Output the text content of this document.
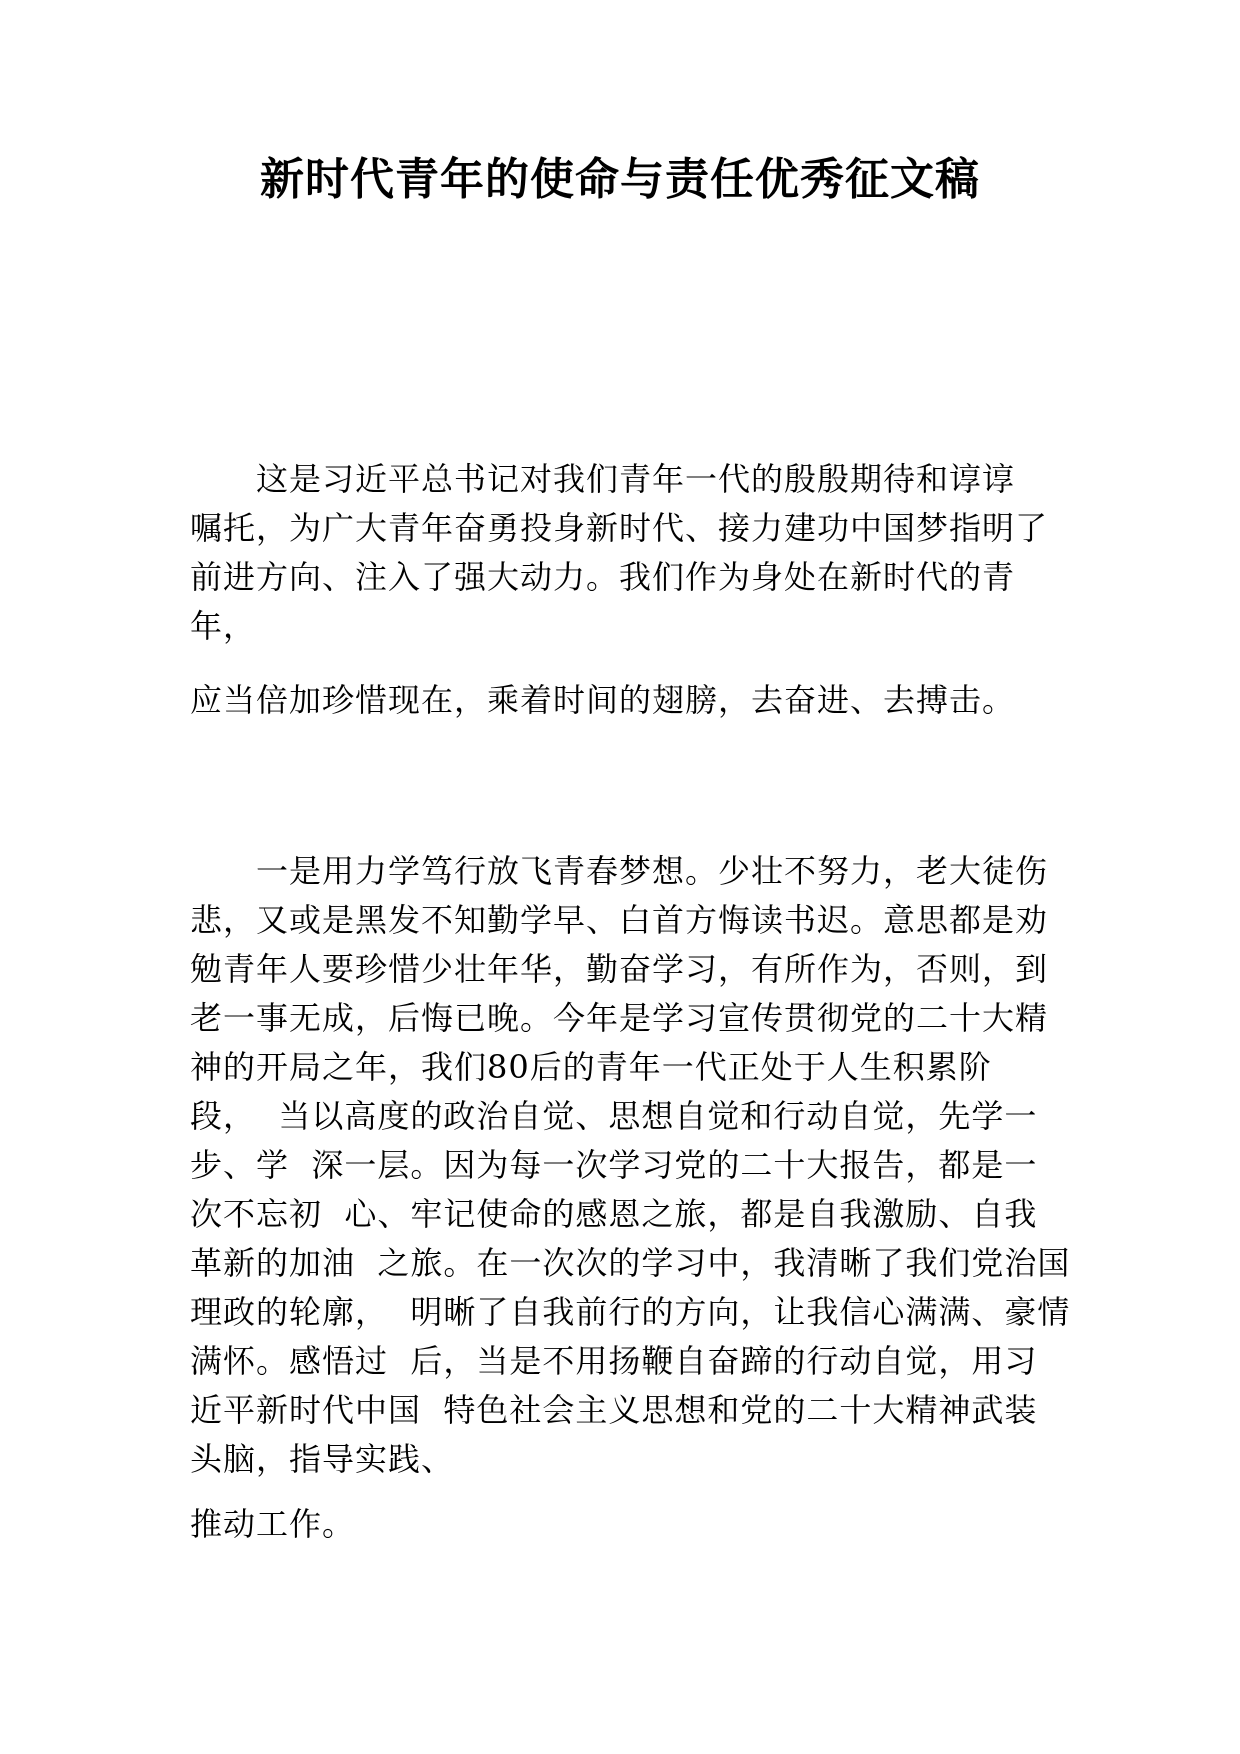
新时代青年的使命与责任优秀征文稿
这是习近平总书记对我们青年一代的殷殷期待和谆谆
嘱托，为广大青年奋勇投身新时代、接力建功中国梦指明了
前进方向、注入了强大动力。我们作为身处在新时代的青
年，
应当倍加珍惜现在，乘着时间的翅膀，去奋进、去搏击。
一是用力学笃行放飞青春梦想。少壮不努力，老大徒伤
悲，又或是黑发不知勤学早、白首方悔读书迟。意思都是劝
勉青年人要珍惜少壮年华，勤奋学习，有所作为，否则，到
老一事无成，后悔已晚。今年是学习宣传贯彻党的二十大精
神的开局之年，我们80后的青年一代正处于人生积累阶
段，  当以高度的政治自觉、思想自觉和行动自觉，先学一
步、学  深一层。因为每一次学习党的二十大报告，都是一
次不忘初  心、牢记使命的感恩之旅，都是自我激励、自我
革新的加油  之旅。在一次次的学习中，我清晰了我们党治国
理政的轮廓，  明晰了自我前行的方向，让我信心满满、豪情
满怀。感悟过  后，当是不用扬鞭自奋蹄的行动自觉，用习
近平新时代中国  特色社会主义思想和党的二十大精神武装
头脑，指导实践、
推动工作。
